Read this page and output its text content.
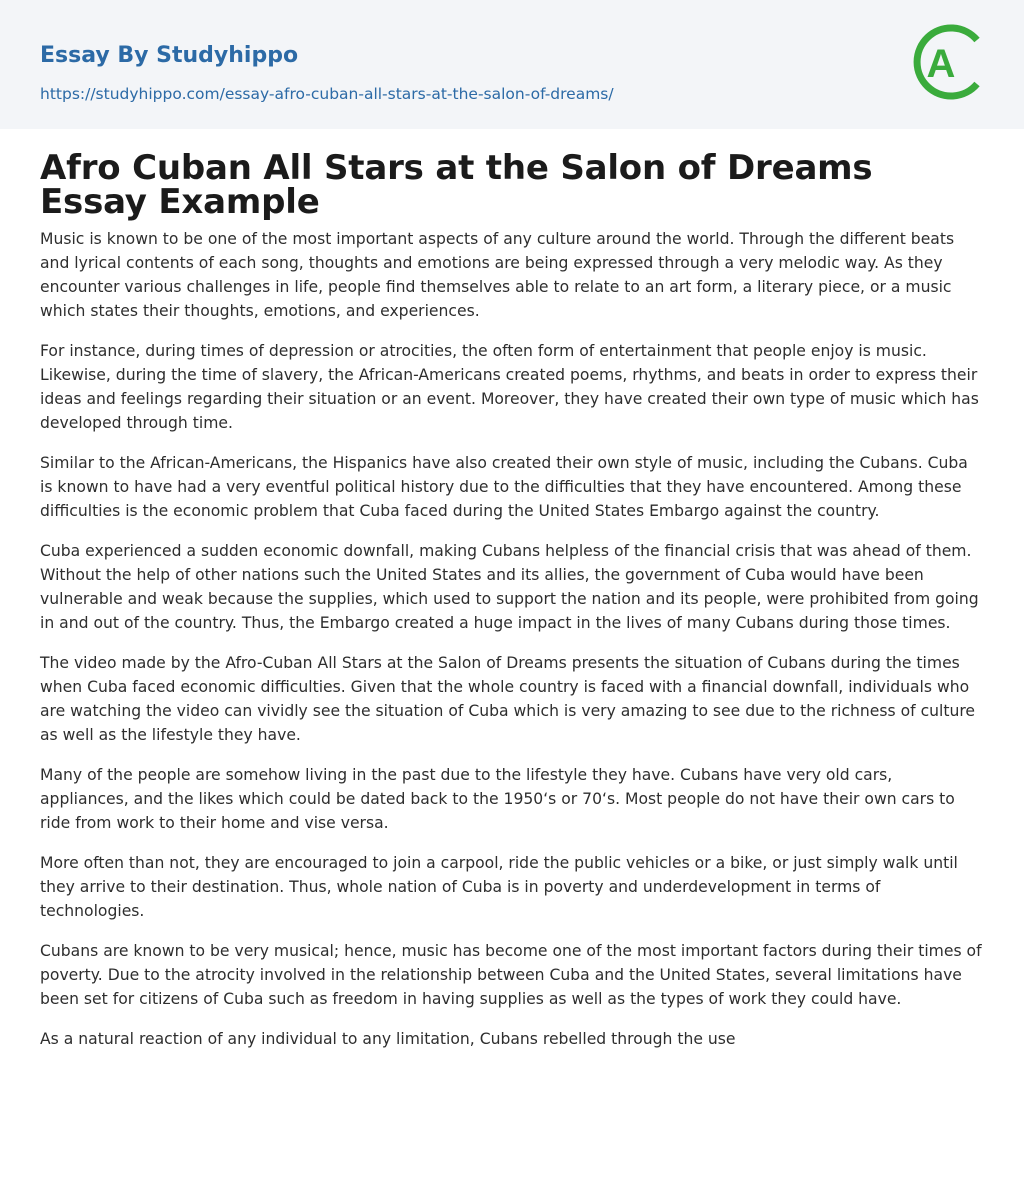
Essay By Studyhippo
https://studyhippo.com/essay-afro-cuban-all-stars-at-the-salon-of-dreams/
A
Afro Cuban All Stars at the Salon of Dreams Essay Example

Music is known to be one of the most important aspects of any culture around the world. Through the different beats and lyrical contents of each song, thoughts and emotions are being expressed through a very melodic way. As they encounter various challenges in life, people find themselves able to relate to an art form, a literary piece, or a music which states their thoughts, emotions, and experiences.

For instance, during times of depression or atrocities, the often form of entertainment that people enjoy is music. Likewise, during the time of slavery, the African-Americans created poems, rhythms, and beats in order to express their ideas and feelings regarding their situation or an event. Moreover, they have created their own type of music which has developed through time.

Similar to the African-Americans, the Hispanics have also created their own style of music, including the Cubans. Cuba is known to have had a very eventful political history due to the difficulties that they have encountered. Among these difficulties is the economic problem that Cuba faced during the United States Embargo against the country.

Cuba experienced a sudden economic downfall, making Cubans helpless of the financial crisis that was ahead of them. Without the help of other nations such the United States and its allies, the government of Cuba would have been vulnerable and weak because the supplies, which used to support the nation and its people, were prohibited from going in and out of the country. Thus, the Embargo created a huge impact in the lives of many Cubans during those times.

The video made by the Afro-Cuban All Stars at the Salon of Dreams presents the situation of Cubans during the times when Cuba faced economic difficulties. Given that the whole country is faced with a financial downfall, individuals who are watching the video can vividly see the situation of Cuba which is very amazing to see due to the richness of culture as well as the lifestyle they have.

Many of the people are somehow living in the past due to the lifestyle they have. Cubans have very old cars, appliances, and the likes which could be dated back to the 1950‘s or 70‘s. Most people do not have their own cars to ride from work to their home and vise versa.

More often than not, they are encouraged to join a carpool, ride the public vehicles or a bike, or just simply walk until they arrive to their destination. Thus, whole nation of Cuba is in poverty and underdevelopment in terms of technologies.

Cubans are known to be very musical; hence, music has become one of the most important factors during their times of poverty. Due to the atrocity involved in the relationship between Cuba and the United States, several limitations have been set for citizens of Cuba such as freedom in having supplies as well as the types of work they could have.

As a natural reaction of any individual to any limitation, Cubans rebelled through the use
